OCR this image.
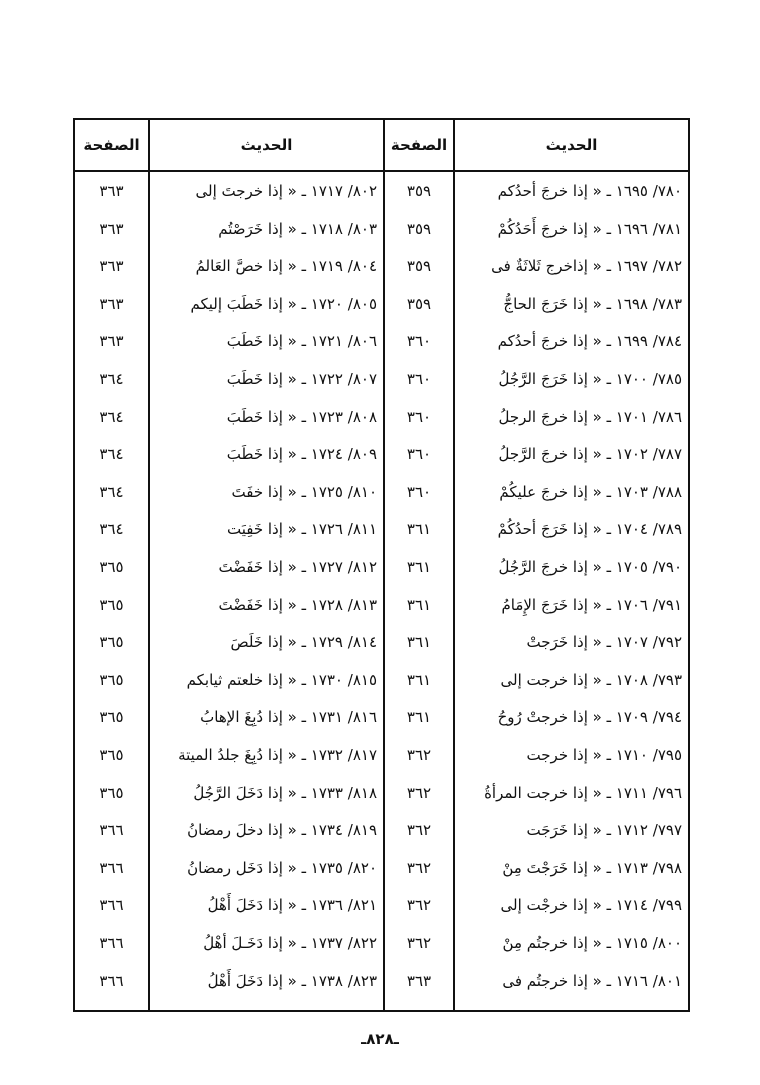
الحديث
الصفحة
الحديث
الصفحة
٧٨٠/ ١٦٩٥ ـ « إذا خرجَ أحدُكم
٣٥٩
٨٠٢/ ١٧١٧ ـ « إذا خرجتَ إلى
٣٦٣
٧٨١/ ١٦٩٦ ـ « إذا خرجَ أَحَدُكُمْ
٣٥٩
٨٠٣/ ١٧١٨ ـ « إذا خَرَصْتُم
٣٦٣
٧٨٢/ ١٦٩٧ ـ « إذاخرج ثَلاثَةٌ فى
٣٥٩
٨٠٤/ ١٧١٩ ـ « إذا خصَّ العَالمُ
٣٦٣
٧٨٣/ ١٦٩٨ ـ « إذا خَرَجَ الحاجُّ
٣٥٩
٨٠٥/ ١٧٢٠ ـ « إذا خَطَبَ إليكم
٣٦٣
٧٨٤/ ١٦٩٩ ـ « إذا خرجَ أحدُكم
٣٦٠
٨٠٦/ ١٧٢١ ـ « إذا خَطَبَ
٣٦٣
٧٨٥/ ١٧٠٠ ـ « إذا خَرَجَ الرَّجُلُ
٣٦٠
٨٠٧/ ١٧٢٢ ـ « إذا خَطَبَ
٣٦٤
٧٨٦/ ١٧٠١ ـ « إذا خرجَ الرجلُ
٣٦٠
٨٠٨/ ١٧٢٣ ـ « إذا خَطَبَ
٣٦٤
٧٨٧/ ١٧٠٢ ـ « إذا خرجَ الرَّجلُ
٣٦٠
٨٠٩/ ١٧٢٤ ـ « إذا خَطَبَ
٣٦٤
٧٨٨/ ١٧٠٣ ـ « إذا خرجَ عليكُمْ
٣٦٠
٨١٠/ ١٧٢٥ ـ « إذا خفَتَ
٣٦٤
٧٨٩/ ١٧٠٤ ـ « إذا خَرَجَ أحدُكُمْ
٣٦١
٨١١/ ١٧٢٦ ـ « إذا خَفِيَت
٣٦٤
٧٩٠/ ١٧٠٥ ـ « إذا خرجَ الرَّجُلُ
٣٦١
٨١٢/ ١٧٢٧ ـ « إذا خَفَضْتَ
٣٦٥
٧٩١/ ١٧٠٦ ـ « إذا خَرَجَ الإِمَامُ
٣٦١
٨١٣/ ١٧٢٨ ـ « إذا خَفَضْتَ
٣٦٥
٧٩٢/ ١٧٠٧ ـ « إذا خَرَجتْ
٣٦١
٨١٤/ ١٧٢٩ ـ « إذا خَلَصَ
٣٦٥
٧٩٣/ ١٧٠٨ ـ « إذا خرجت إلى
٣٦١
٨١٥/ ١٧٣٠ ـ « إذا خلعتم ثيابكم
٣٦٥
٧٩٤/ ١٧٠٩ ـ « إذا خرجتْ رُوحُ
٣٦١
٨١٦/ ١٧٣١ ـ « إذا دُبِغَ الإهابُ
٣٦٥
٧٩٥/ ١٧١٠ ـ « إذا خرجت
٣٦٢
٨١٧/ ١٧٣٢ ـ « إذا دُبِغَ جلدُ الميتة
٣٦٥
٧٩٦/ ١٧١١ ـ « إذا خرجت المرأةُ
٣٦٢
٨١٨/ ١٧٣٣ ـ « إذا دَخَلَ الرَّجُلُ
٣٦٥
٧٩٧/ ١٧١٢ ـ « إذا خَرَجَت
٣٦٢
٨١٩/ ١٧٣٤ ـ « إذا دخلَ رمضانُ
٣٦٦
٧٩٨/ ١٧١٣ ـ « إذا خَرَجْتَ مِنْ
٣٦٢
٨٢٠/ ١٧٣٥ ـ « إذا دَخَل رمضانُ
٣٦٦
٧٩٩/ ١٧١٤ ـ « إذا خرجْت إلى
٣٦٢
٨٢١/ ١٧٣٦ ـ « إذا دَخَلَ أَهْلُ
٣٦٦
٨٠٠/ ١٧١٥ ـ « إذا خرجتُم مِنْ
٣٦٢
٨٢٢/ ١٧٣٧ ـ « إذا دَخَـلَ أهْلُ
٣٦٦
٨٠١/ ١٧١٦ ـ « إذا خرجتُم فى
٣٦٣
٨٢٣/ ١٧٣٨ ـ « إذا دَخَلَ أَهْلُ
٣٦٦
ـ٨٢٨ـ
